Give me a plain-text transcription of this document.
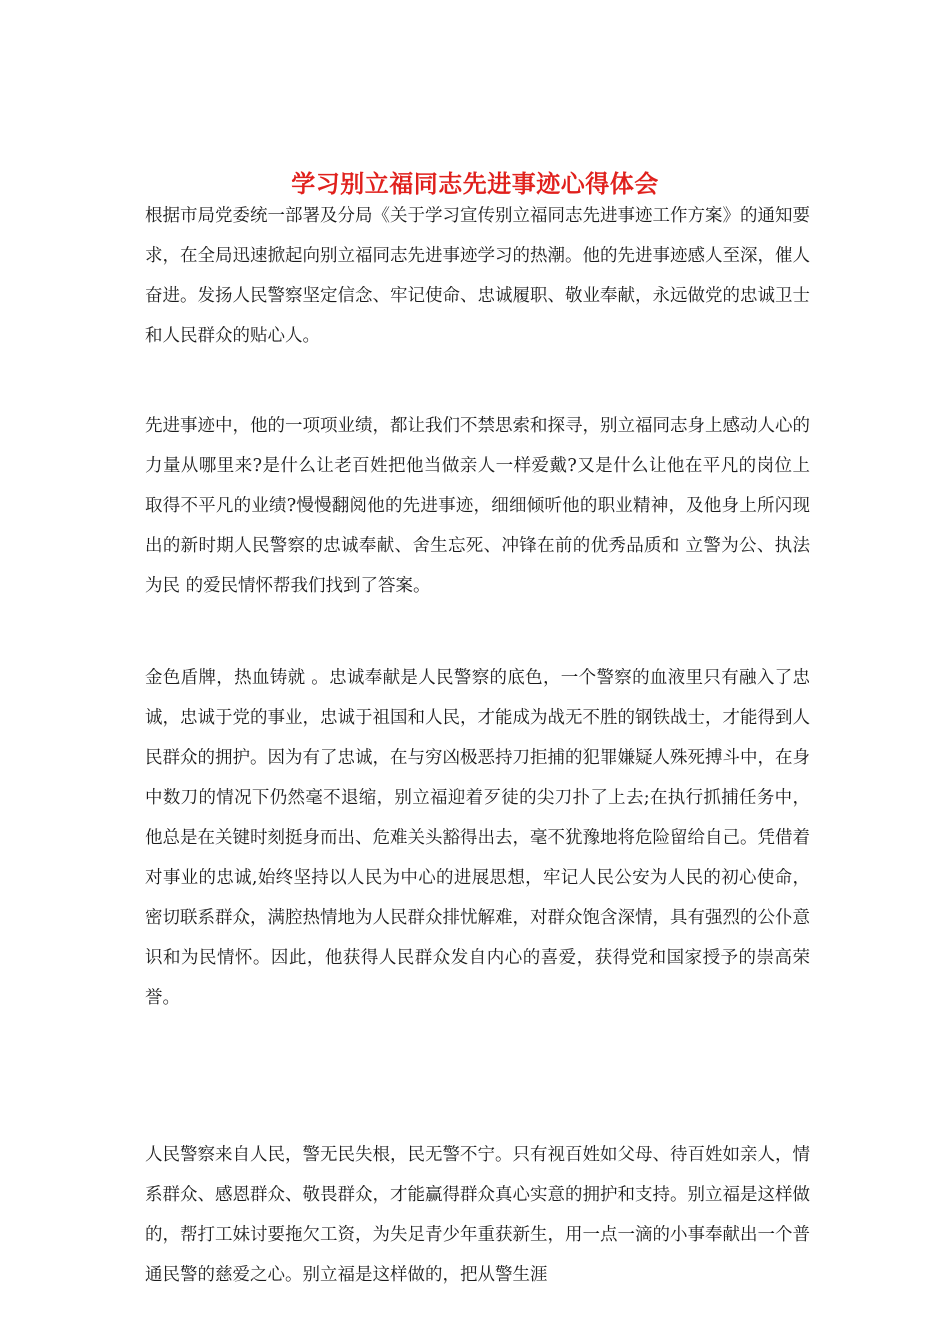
学习别立福同志先进事迹心得体会

根据市局党委统一部署及分局《关于学习宣传别立福同志先进事迹工作方案》的通知要求，在全局迅速掀起向别立福同志先进事迹学习的热潮。他的先进事迹感人至深，催人奋进。发扬人民警察坚定信念、牢记使命、忠诚履职、敬业奉献，永远做党的忠诚卫士和人民群众的贴心人。

先进事迹中，他的一项项业绩，都让我们不禁思索和探寻，别立福同志身上感动人心的力量从哪里来?是什么让老百姓把他当做亲人一样爱戴?又是什么让他在平凡的岗位上取得不平凡的业绩?慢慢翻阅他的先进事迹，细细倾听他的职业精神，及他身上所闪现出的新时期人民警察的忠诚奉献、舍生忘死、冲锋在前的优秀品质和 立警为公、执法为民 的爱民情怀帮我们找到了答案。

金色盾牌，热血铸就 。忠诚奉献是人民警察的底色，一个警察的血液里只有融入了忠诚，忠诚于党的事业，忠诚于祖国和人民，才能成为战无不胜的钢铁战士，才能得到人民群众的拥护。因为有了忠诚，在与穷凶极恶持刀拒捕的犯罪嫌疑人殊死搏斗中，在身中数刀的情况下仍然毫不退缩，别立福迎着歹徒的尖刀扑了上去;在执行抓捕任务中，他总是在关键时刻挺身而出、危难关头豁得出去，毫不犹豫地将危险留给自己。凭借着对事业的忠诚,始终坚持以人民为中心的进展思想，牢记人民公安为人民的初心使命，密切联系群众，满腔热情地为人民群众排忧解难，对群众饱含深情，具有强烈的公仆意识和为民情怀。因此，他获得人民群众发自内心的喜爱，获得党和国家授予的崇高荣誉。

人民警察来自人民，警无民失根，民无警不宁。只有视百姓如父母、待百姓如亲人，情系群众、感恩群众、敬畏群众，才能赢得群众真心实意的拥护和支持。别立福是这样做的，帮打工妹讨要拖欠工资，为失足青少年重获新生，用一点一滴的小事奉献出一个普通民警的慈爱之心。别立福是这样做的，把从警生涯
